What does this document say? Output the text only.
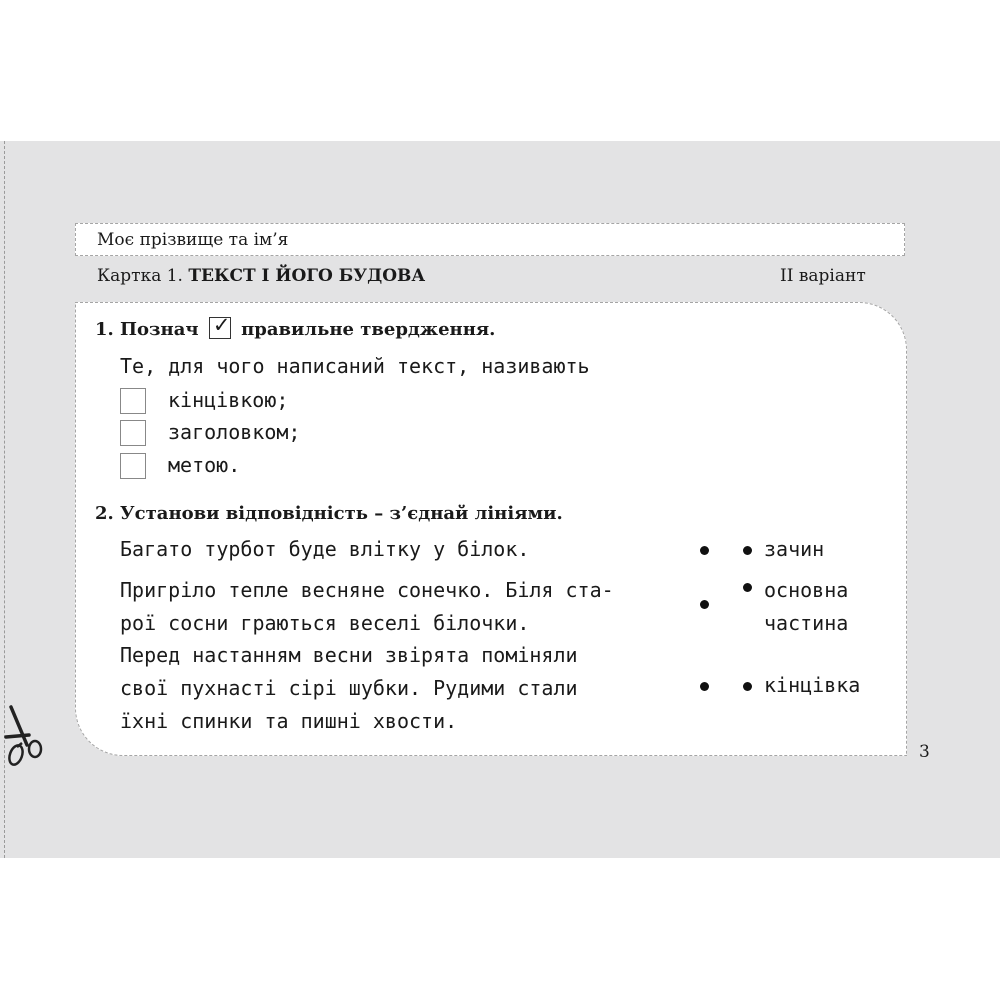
Моє прізвище та ім’я
Картка 1. ТЕКСТ І ЙОГО БУДОВА	II варіант
1. Познач ✓ правильне твердження.
Те, для чого написаний текст, називають
кінцівкою;
заголовком;
метою.
2. Установи відповідність – з’єднай лініями.
Багато турбот буде влітку у білок.
Пригріло тепле весняне сонечко. Біля ста-
рої сосни граються веселі білочки.
Перед настанням весни звірята поміняли
свої пухнасті сірі шубки. Рудими стали
їхні спинки та пишні хвости.
зачин
основна
частина
кінцівка
3
